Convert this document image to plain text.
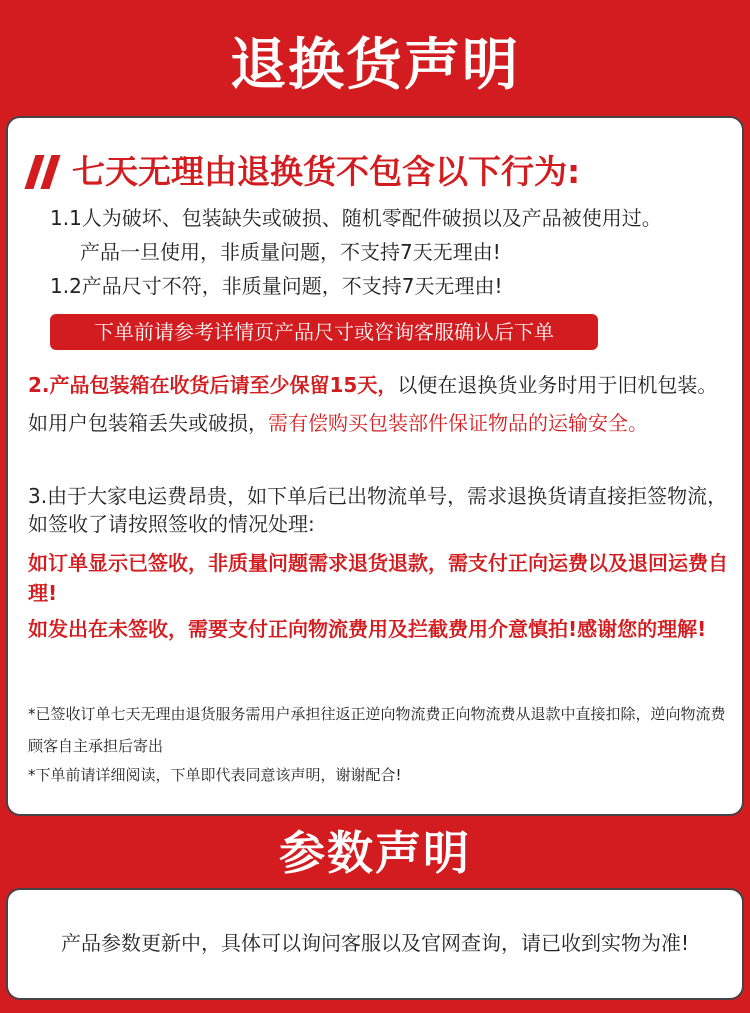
退换货声明
七天无理由退换货不包含以下行为:
1.1人为破坏、包装缺失或破损、随机零配件破损以及产品被使用过。
产品一旦使用，非质量问题，不支持7天无理由!
1.2产品尺寸不符，非质量问题，不支持7天无理由!
下单前请参考详情页产品尺寸或咨询客服确认后下单
2.产品包装箱在收货后请至少保留15天，以便在退换货业务时用于旧机包装。如用户包装箱丢失或破损，需有偿购买包装部件保证物品的运输安全。
3.由于大家电运费昂贵，如下单后已出物流单号，需求退换货请直接拒签物流，如签收了请按照签收的情况处理:
如订单显示已签收，非质量问题需求退货退款，需支付正向运费以及退回运费自理!
如发出在未签收，需要支付正向物流费用及拦截费用介意慎拍!感谢您的理解!
*已签收订单七天无理由退货服务需用户承担往返正逆向物流费正向物流费从退款中直接扣除，逆向物流费顾客自主承担后寄出
*下单前请详细阅读，下单即代表同意该声明，谢谢配合!
参数声明
产品参数更新中，具体可以询问客服以及官网查询，请已收到实物为准!
